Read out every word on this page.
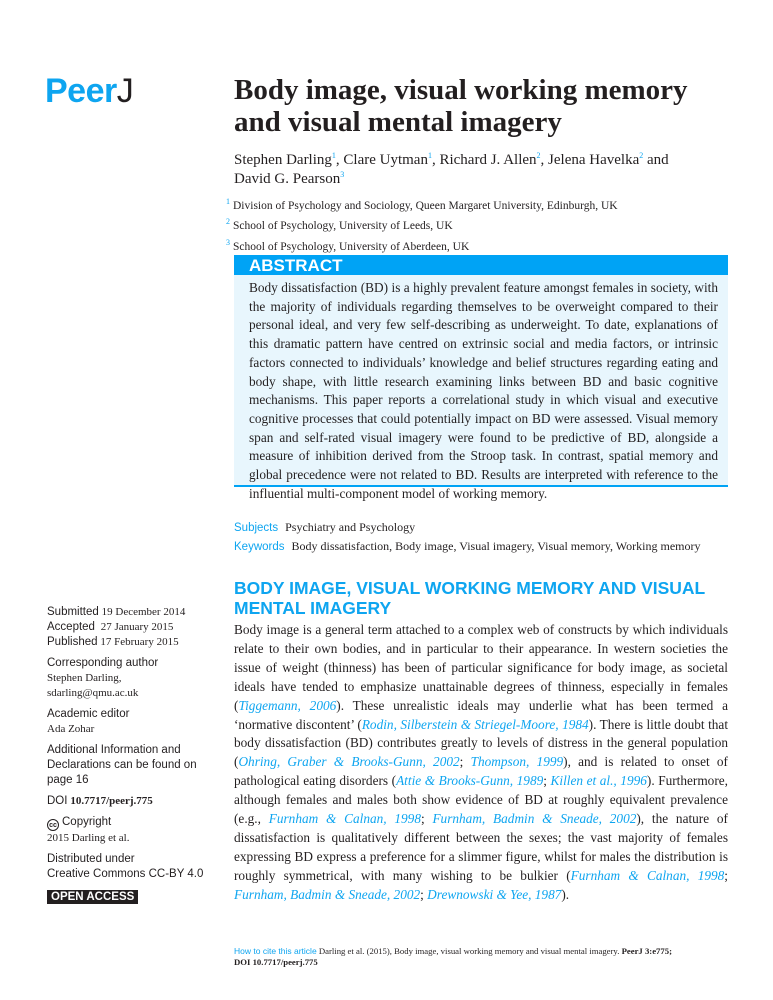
PeerJ	Body image, visual working memory and visual mental imagery
Stephen Darling$^1$, Clare Uytman$^1$, Richard J. Allen$^2$, Jelena Havelka$^2$ and
David G. Pearson$^3$
$^1$ Division of Psychology and Sociology, Queen Margaret University, Edinburgh, UK
$^2$ School of Psychology, University of Leeds, UK
$^3$ School of Psychology, University of Aberdeen, UK
ABSTRACT
Body dissatisfaction (BD) is a highly prevalent feature amongst females in society, with the majority of individuals regarding themselves to be overweight compared to their personal ideal, and very few self-describing as underweight. To date, explanations of this dramatic pattern have centred on extrinsic social and media factors, or intrinsic factors connected to individuals’ knowledge and belief structures regarding eating and body shape, with little research examining links between BD and basic cognitive mechanisms. This paper reports a correlational study in which visual and executive cognitive processes that could potentially impact on BD were assessed. Visual memory span and self-rated visual imagery were found to be predictive of BD, alongside a measure of inhibition derived from the Stroop task. In contrast, spatial memory and global precedence were not related to BD. Results are interpreted with reference to the influential multi-component model of working memory.
Subjects Psychiatry and Psychology
Keywords Body dissatisfaction, Body image, Visual imagery, Visual memory, Working memory
Submitted 19 December 2014
Accepted 27 January 2015
Published 17 February 2015
Corresponding author
Stephen Darling,
sdarling@qmu.ac.uk
Academic editor
Ada Zohar
Additional Information and Declarations can be found on page 16
DOI 10.7717/peerj.775
cc Copyright
2015 Darling et al.
Distributed under
Creative Commons CC-BY 4.0
OPEN ACCESS
BODY IMAGE, VISUAL WORKING MEMORY AND VISUAL MENTAL IMAGERY
Body image is a general term attached to a complex web of constructs by which individuals relate to their own bodies, and in particular to their appearance. In western societies the issue of weight (thinness) has been of particular significance for body image, as societal ideals have tended to emphasize unattainable degrees of thinness, especially in females (Tiggemann, 2006). These unrealistic ideals may underlie what has been termed a ‘normative discontent’ (Rodin, Silberstein & Striegel-Moore, 1984). There is little doubt that body dissatisfaction (BD) contributes greatly to levels of distress in the general population (Ohring, Graber & Brooks-Gunn, 2002; Thompson, 1999), and is related to onset of pathological eating disorders (Attie & Brooks-Gunn, 1989; Killen et al., 1996). Furthermore, although females and males both show evidence of BD at roughly equivalent prevalence (e.g., Furnham & Calnan, 1998; Furnham, Badmin & Sneade, 2002), the nature of dissatisfaction is qualitatively different between the sexes; the vast majority of females expressing BD express a preference for a slimmer figure, whilst for males the distribution is roughly symmetrical, with many wishing to be bulkier (Furnham & Calnan, 1998; Furnham, Badmin & Sneade, 2002; Drewnowski & Yee, 1987).
How to cite this article Darling et al. (2015), Body image, visual working memory and visual mental imagery. PeerJ 3:e775;
DOI 10.7717/peerj.775
